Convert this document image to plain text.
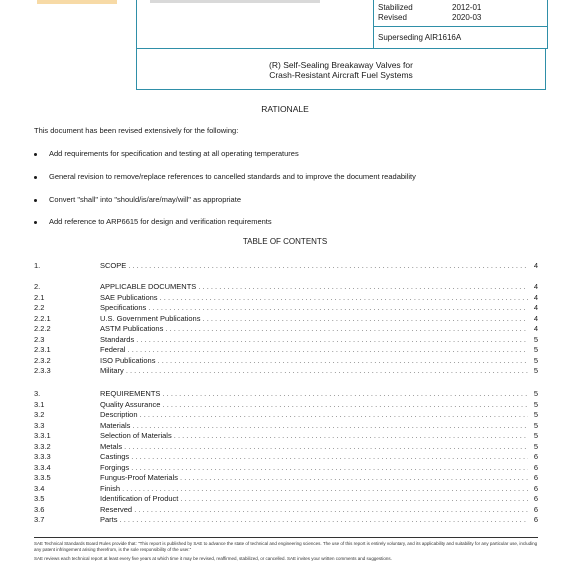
Stabilized	2012-01
Revised	2020-03
Superseding AIR1616A
(R) Self-Sealing Breakaway Valves for
Crash-Resistant Aircraft Fuel Systems
RATIONALE
This document has been revised extensively for the following:
Add requirements for specification and testing at all operating temperatures
General revision to remove/replace references to cancelled standards and to improve the document readability
Convert "shall" into "should/is/are/may/will" as appropriate
Add reference to ARP6615 for design and verification requirements
TABLE OF CONTENTS
1.	SCOPE . . .	4
2.	APPLICABLE DOCUMENTS . . .	4
2.1	SAE Publications . . .	4
2.2	Specifications . . .	4
2.2.1	U.S. Government Publications . . .	4
2.2.2	ASTM Publications . . .	4
2.3	Standards . . .	5
2.3.1	Federal . . .	5
2.3.2	ISO Publications . . .	5
2.3.3	Military . . .	5
3.	REQUIREMENTS . . .	5
3.1	Quality Assurance . . .	5
3.2	Description . . .	5
3.3	Materials . . .	5
3.3.1	Selection of Materials . . .	5
3.3.2	Metals . . .	5
3.3.3	Castings . . .	6
3.3.4	Forgings . . .	6
3.3.5	Fungus-Proof Materials . . .	6
3.4	Finish . . .	6
3.5	Identification of Product . . .	6
3.6	Reserved . . .	6
3.7	Parts . . .	6
SAE Technical Standards Board Rules provide that: "This report is published by SAE to advance the state of technical and engineering sciences. The use of this report is entirely voluntary, and its applicability and suitability for any particular use, including any patent infringement arising therefrom, is the sole responsibility of the user."
SAE reviews each technical report at least every five years at which time it may be revised, reaffirmed, stabilized, or cancelled. SAE invites your written comments and suggestions.
